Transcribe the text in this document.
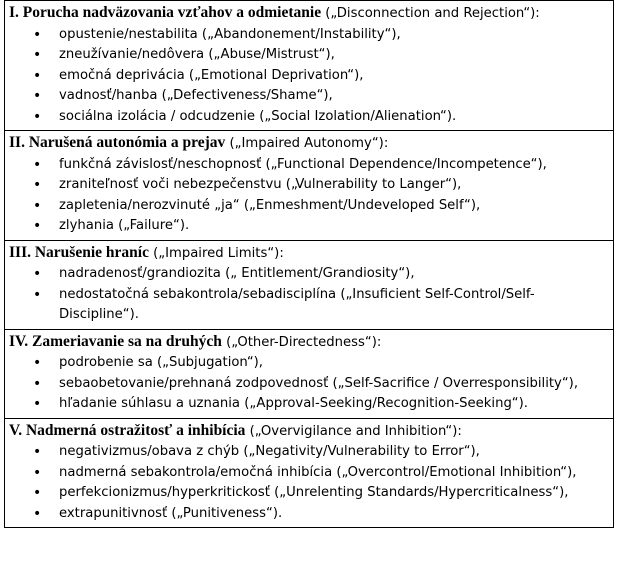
I. Porucha nadväzovania vzťahov a odmietanie („Disconnection and Rejection“):
• opustenie/nestabilita („Abandonement/Instability“),
• zneužívanie/nedôvera („Abuse/Mistrust“),
• emočná deprivácia („Emotional Deprivation“),
• vadnosť/hanba („Defectiveness/Shame“),
• sociálna izolácia / odcudzenie („Social Izolation/Alienation“).

II. Narušená autonómia a prejav („Impaired Autonomy“):
• funkčná závislosť/neschopnosť („Functional Dependence/Incompetence“),
• zraniteľnosť voči nebezpečenstvu („Vulnerability to Langer“),
• zapletenia/nerozvinuté „ja“ („Enmeshment/Undeveloped Self“),
• zlyhania („Failure“).

III. Narušenie hraníc („Impaired Limits“):
• nadradenosť/grandiozita („ Entitlement/Grandiosity“),
• nedostatočná sebakontrola/sebadisciplína („Insuficient Self-Control/Self-Discipline“).

IV. Zameriavanie sa na druhých („Other-Directedness“):
• podrobenie sa („Subjugation“),
• sebaobetovanie/prehnaná zodpovednosť („Self-Sacrifice / Overresponsibility“),
• hľadanie súhlasu a uznania („Approval-Seeking/Recognition-Seeking“).

V. Nadmerná ostražitosť a inhibícia („Overvigilance and Inhibition“):
• negativizmus/obava z chýb („Negativity/Vulnerability to Error“),
• nadmerná sebakontrola/emočná inhibícia („Overcontrol/Emotional Inhibition“),
• perfekcionizmus/hyperkritickosť („Unrelenting Standards/Hypercriticalness“),
• extrapunitivnosť („Punitiveness“).
